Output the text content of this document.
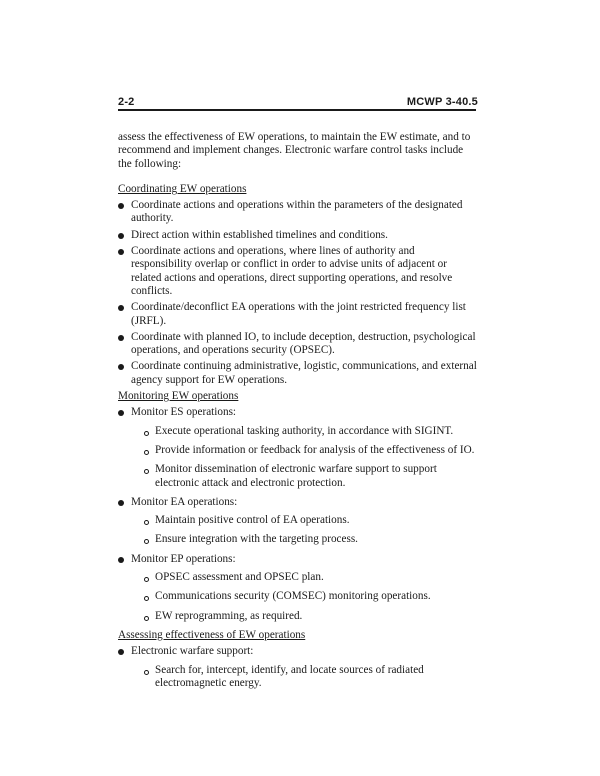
2-2	MCWP 3-40.5

assess the effectiveness of EW operations, to maintain the EW estimate, and to recommend and implement changes. Electronic warfare control tasks include the following:

Coordinating EW operations
Coordinate actions and operations within the parameters of the designated authority.
Direct action within established timelines and conditions.
Coordinate actions and operations, where lines of authority and responsibility overlap or conflict in order to advise units of adjacent or related actions and operations, direct supporting operations, and resolve conflicts.
Coordinate/deconflict EA operations with the joint restricted frequency list (JRFL).
Coordinate with planned IO, to include deception, destruction, psychological operations, and operations security (OPSEC).
Coordinate continuing administrative, logistic, communications, and external agency support for EW operations.
Monitoring EW operations
Monitor ES operations:
Execute operational tasking authority, in accordance with SIGINT.
Provide information or feedback for analysis of the effectiveness of IO.
Monitor dissemination of electronic warfare support to support electronic attack and electronic protection.
Monitor EA operations:
Maintain positive control of EA operations.
Ensure integration with the targeting process.
Monitor EP operations:
OPSEC assessment and OPSEC plan.
Communications security (COMSEC) monitoring operations.
EW reprogramming, as required.
Assessing effectiveness of EW operations
Electronic warfare support:
Search for, intercept, identify, and locate sources of radiated electromagnetic energy.
